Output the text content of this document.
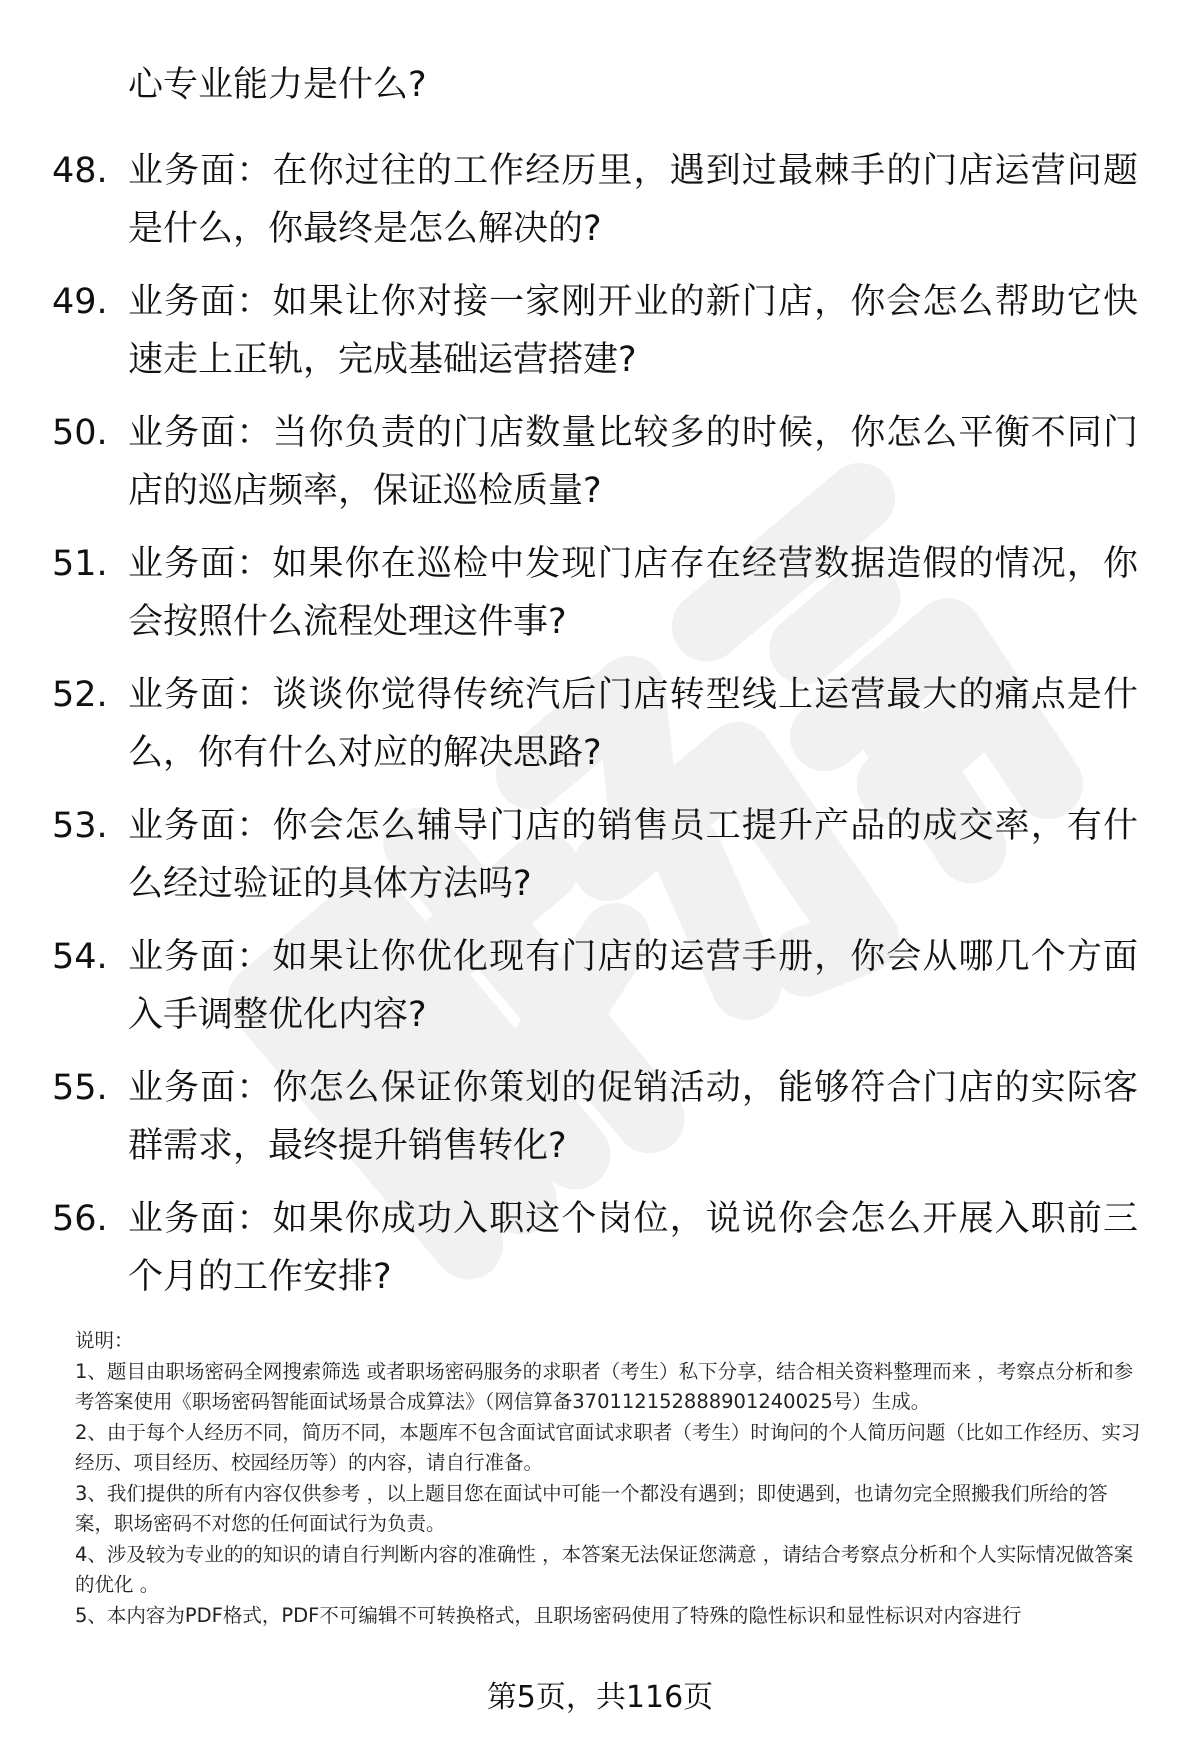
心专业能力是什么?

48. 业务面：在你过往的工作经历里，遇到过最棘手的门店运营问题是什么，你最终是怎么解决的?
49. 业务面：如果让你对接一家刚开业的新门店，你会怎么帮助它快速走上正轨，完成基础运营搭建?
50. 业务面：当你负责的门店数量比较多的时候，你怎么平衡不同门店的巡店频率，保证巡检质量?
51. 业务面：如果你在巡检中发现门店存在经营数据造假的情况，你会按照什么流程处理这件事?
52. 业务面：谈谈你觉得传统汽后门店转型线上运营最大的痛点是什么，你有什么对应的解决思路?
53. 业务面：你会怎么辅导门店的销售员工提升产品的成交率，有什么经过验证的具体方法吗?
54. 业务面：如果让你优化现有门店的运营手册，你会从哪几个方面入手调整优化内容?
55. 业务面：你怎么保证你策划的促销活动，能够符合门店的实际客群需求，最终提升销售转化?
56. 业务面：如果你成功入职这个岗位，说说你会怎么开展入职前三个月的工作安排?

说明：

1、题目由职场密码全网搜索筛选 或者职场密码服务的求职者（考生）私下分享，结合相关资料整理而来 ，考察点分析和参考答案使用《职场密码智能面试场景合成算法》（网信算备370112152888901240025号）生成。

2、由于每个人经历不同，简历不同，本题库不包含面试官面试求职者（考生）时询问的个人简历问题（比如工作经历、实习经历、项目经历、校园经历等）的内容，请自行准备。

3、我们提供的所有内容仅供参考 ，以上题目您在面试中可能一个都没有遇到；即使遇到，也请勿完全照搬我们所给的答案，职场密码不对您的任何面试行为负责。

4、涉及较为专业的的知识的请自行判断内容的准确性 ，本答案无法保证您满意 ，请结合考察点分析和个人实际情况做答案的优化 。

5、本内容为PDF格式，PDF不可编辑不可转换格式，且职场密码使用了特殊的隐性标识和显性标识对内容进行

第5页，共116页
